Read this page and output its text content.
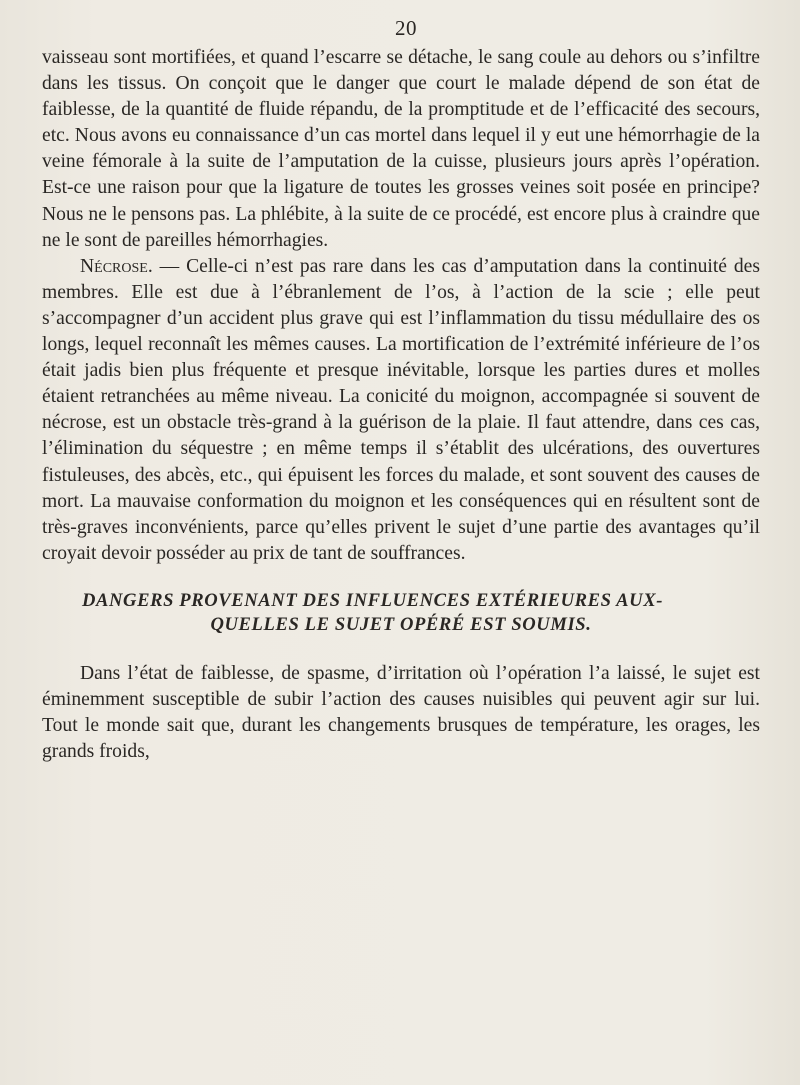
20

vaisseau sont mortifiées, et quand l’escarre se détache, le sang coule au dehors ou s’infiltre dans les tissus. On conçoit que le danger que court le malade dépend de son état de faiblesse, de la quantité de fluide répandu, de la promptitude et de l’efficacité des secours, etc. Nous avons eu connaissance d’un cas mortel dans lequel il y eut une hémorrhagie de la veine fémorale à la suite de l’amputation de la cuisse, plusieurs jours après l’opération. Est-ce une raison pour que la ligature de toutes les grosses veines soit posée en principe? Nous ne le pensons pas. La phlébite, à la suite de ce procédé, est encore plus à craindre que ne le sont de pareilles hémorrhagies.

Nécrose. — Celle-ci n’est pas rare dans les cas d’amputation dans la continuité des membres. Elle est due à l’ébranlement de l’os, à l’action de la scie ; elle peut s’accompagner d’un accident plus grave qui est l’inflammation du tissu médullaire des os longs, lequel reconnaît les mêmes causes. La mortification de l’extrémité inférieure de l’os était jadis bien plus fréquente et presque inévitable, lorsque les parties dures et molles étaient retranchées au même niveau. La conicité du moignon, accompagnée si souvent de nécrose, est un obstacle très-grand à la guérison de la plaie. Il faut attendre, dans ces cas, l’élimination du séquestre ; en même temps il s’établit des ulcérations, des ouvertures fistuleuses, des abcès, etc., qui épuisent les forces du malade, et sont souvent des causes de mort. La mauvaise conformation du moignon et les conséquences qui en résultent sont de très-graves inconvénients, parce qu’elles privent le sujet d’une partie des avantages qu’il croyait devoir posséder au prix de tant de souffrances.

DANGERS PROVENANT DES INFLUENCES EXTÉRIEURES AUX-
QUELLES LE SUJET OPÉRÉ EST SOUMIS.

Dans l’état de faiblesse, de spasme, d’irritation où l’opération l’a laissé, le sujet est éminemment susceptible de subir l’action des causes nuisibles qui peuvent agir sur lui. Tout le monde sait que, durant les changements brusques de température, les orages, les grands froids,
